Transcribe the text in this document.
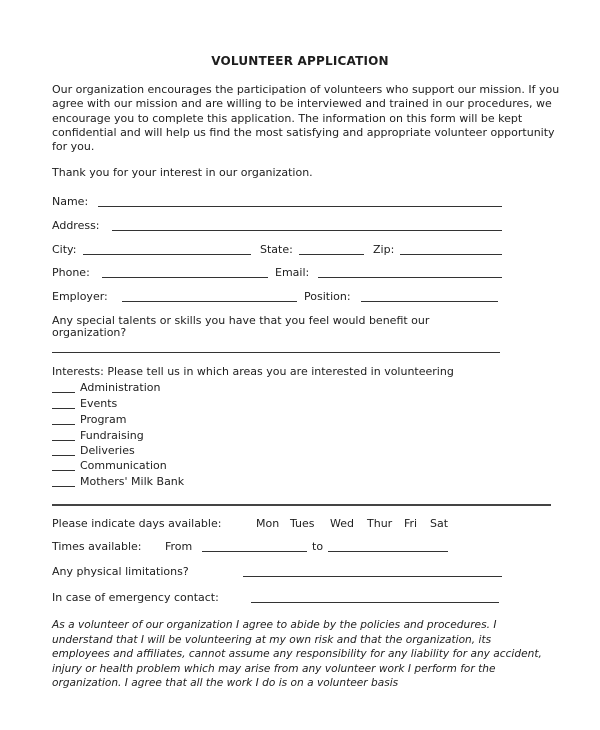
VOLUNTEER APPLICATION
Our organization encourages the participation of volunteers who support our mission. If you agree with our mission and are willing to be interviewed and trained in our procedures, we encourage you to complete this application. The information on this form will be kept confidential and will help us find the most satisfying and appropriate volunteer opportunity for you.
Thank you for your interest in our organization.
Name:
Address:
City:	State:	Zip:
Phone:	Email:
Employer:	Position:
Any special talents or skills you have that you feel would benefit our organization?
Interests: Please tell us in which areas you are interested in volunteering
Administration
Events
Program
Fundraising
Deliveries
Communication
Mothers' Milk Bank
Please indicate days available:	Mon Tues Wed Thur Fri Sat
Times available: From	to
Any physical limitations?
In case of emergency contact:
As a volunteer of our organization I agree to abide by the policies and procedures. I understand that I will be volunteering at my own risk and that the organization, its employees and affiliates, cannot assume any responsibility for any liability for any accident, injury or health problem which may arise from any volunteer work I perform for the organization. I agree that all the work I do is on a volunteer basis
